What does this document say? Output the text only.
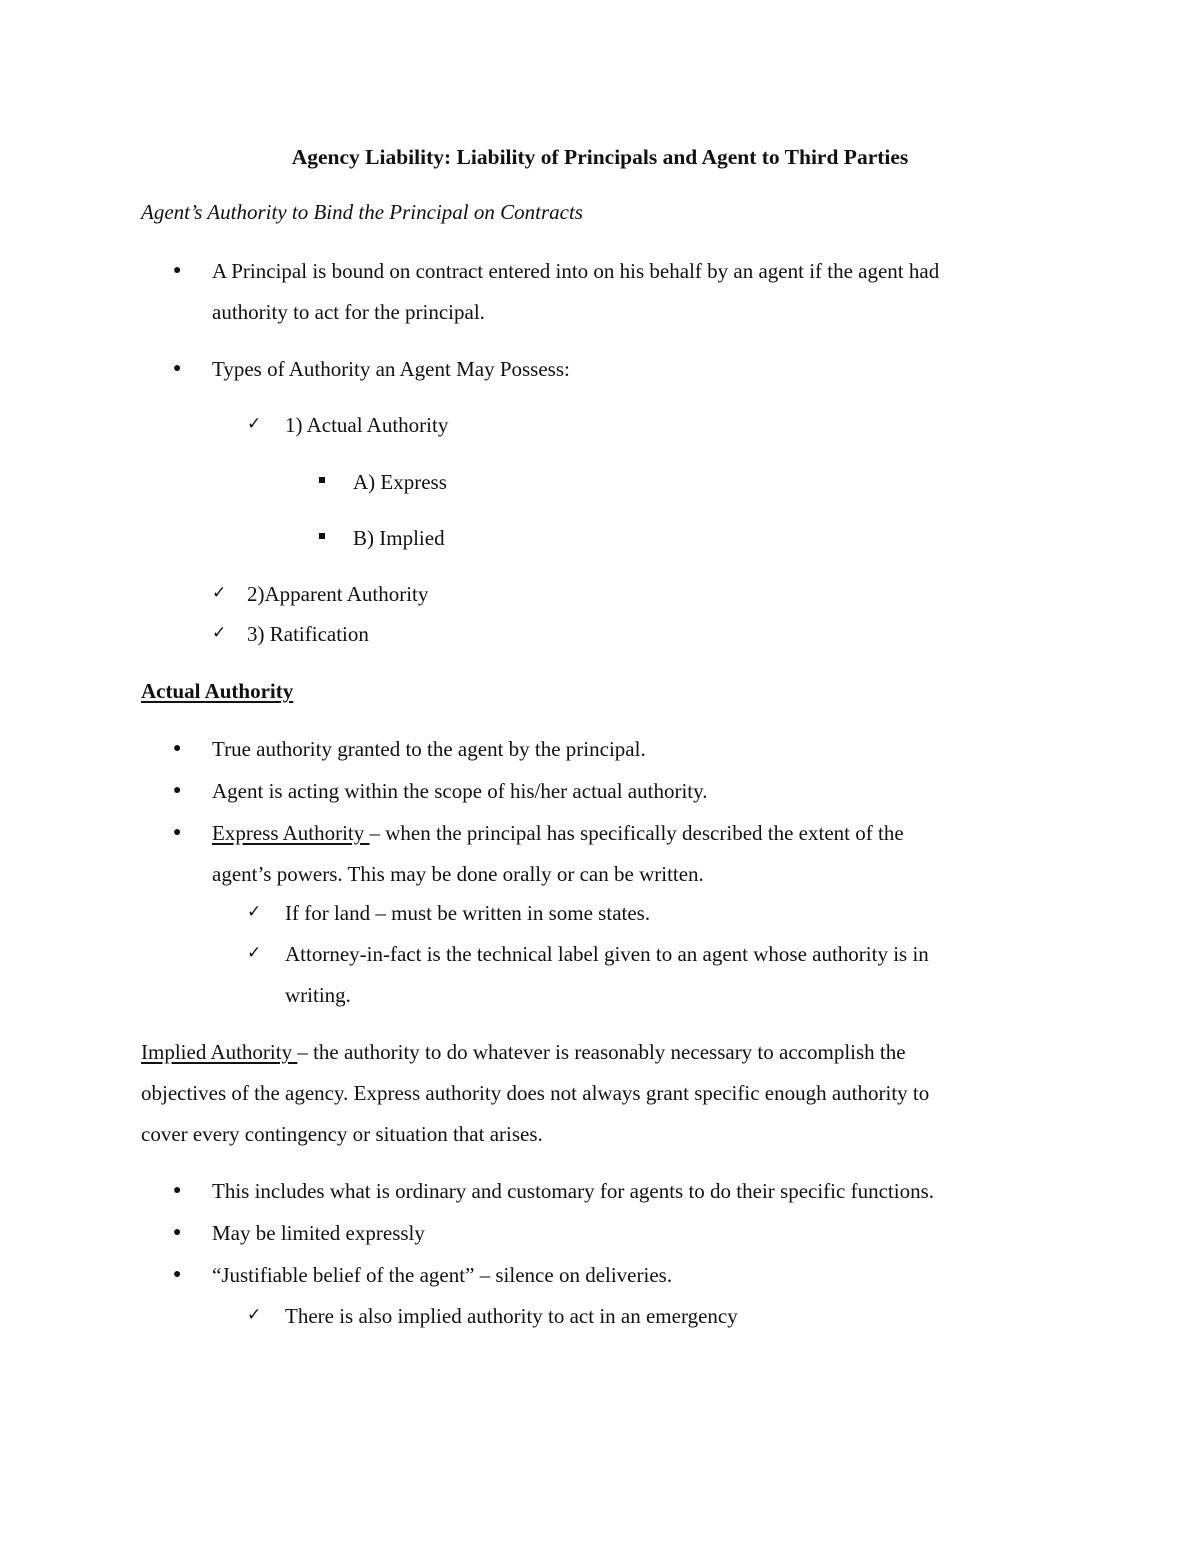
Agency Liability: Liability of Principals and Agent to Third Parties
Agent’s Authority to Bind the Principal on Contracts
● A Principal is bound on contract entered into on his behalf by an agent if the agent had
authority to act for the principal.
● Types of Authority an Agent May Possess:
✓ 1) Actual Authority
A) Express
B) Implied
✓ 2)Apparent Authority
✓ 3) Ratification
Actual Authority
● True authority granted to the agent by the principal.
● Agent is acting within the scope of his/her actual authority.
● Express Authority – when the principal has specifically described the extent of the
agent’s powers. This may be done orally or can be written.
✓ If for land – must be written in some states.
✓ Attorney-in-fact is the technical label given to an agent whose authority is in
writing.
Implied Authority – the authority to do whatever is reasonably necessary to accomplish the
objectives of the agency. Express authority does not always grant specific enough authority to
cover every contingency or situation that arises.
● This includes what is ordinary and customary for agents to do their specific functions.
● May be limited expressly
● “Justifiable belief of the agent” – silence on deliveries.
✓ There is also implied authority to act in an emergency
